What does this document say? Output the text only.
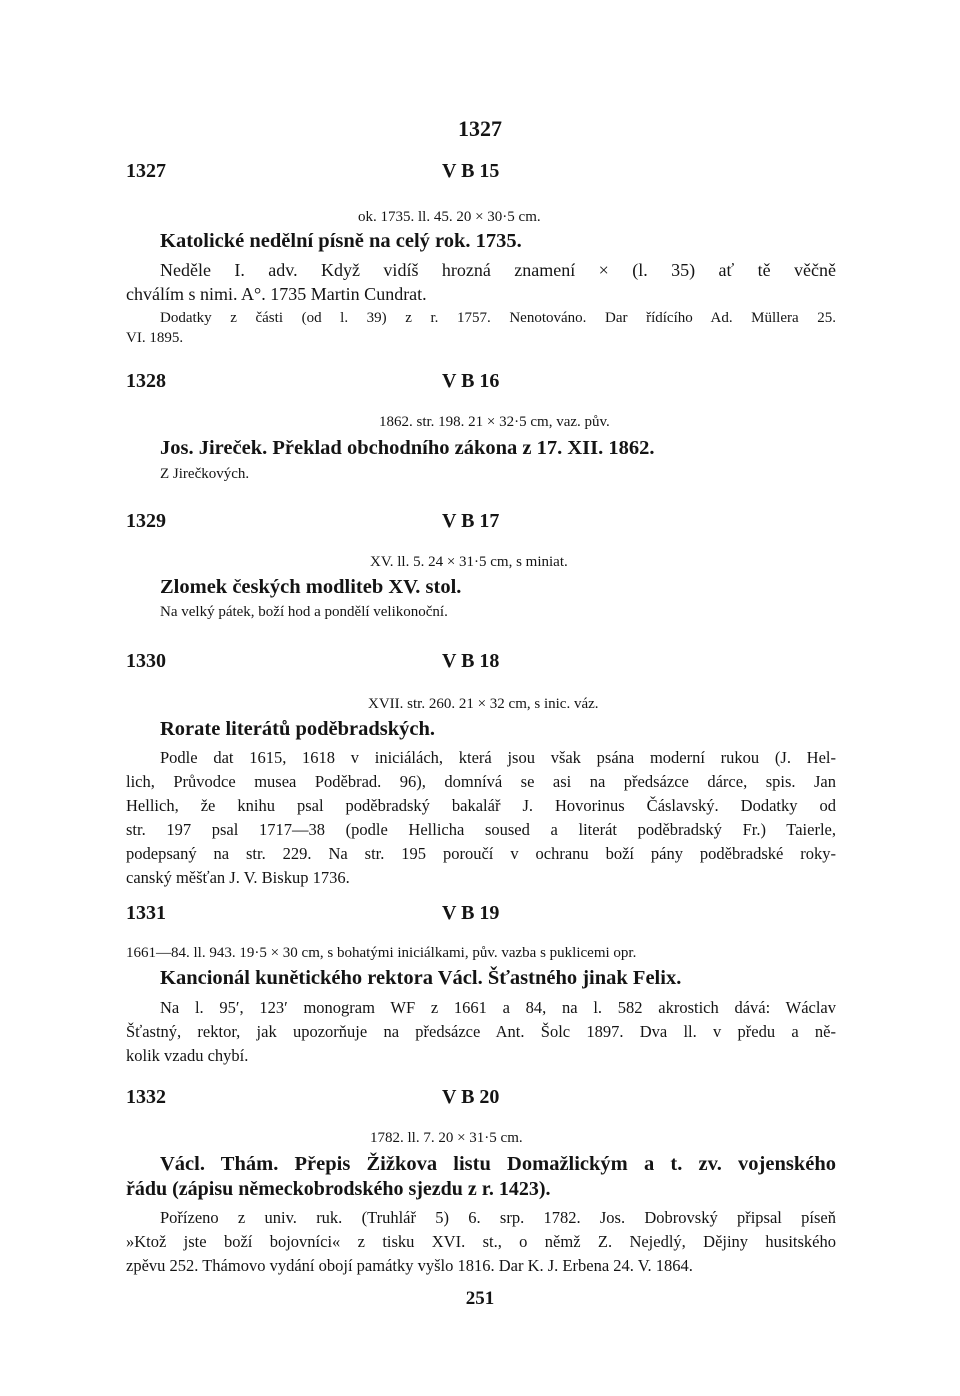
1327
1327	V B 15
ok. 1735. ll. 45. 20 × 30·5 cm.
Katolické nedělní písně na celý rok. 1735.
Neděle I. adv. Když vidíš hrozná znamení × (l. 35) ať tě věčně
chválím s nimi. A°. 1735 Martin Cundrat.
Dodatky z části (od l. 39) z r. 1757. Nenotováno. Dar řídícího Ad. Müllera 25.
VI. 1895.
1328	V B 16
1862. str. 198. 21 × 32·5 cm, vaz. pův.
Jos. Jireček. Překlad obchodního zákona z 17. XII. 1862.
Z Jirečkových.
1329	V B 17
XV. ll. 5. 24 × 31·5 cm, s miniat.
Zlomek českých modliteb XV. stol.
Na velký pátek, boží hod a pondělí velikonoční.
1330	V B 18
XVII. str. 260. 21 × 32 cm, s inic. váz.
Rorate literátů poděbradských.
Podle dat 1615, 1618 v iniciálách, která jsou však psána moderní rukou (J. Hel-
lich, Průvodce musea Poděbrad. 96), domnívá se asi na předsázce dárce, spis. Jan
Hellich, že knihu psal poděbradský bakalář J. Hovorinus Čáslavský. Dodatky od
str. 197 psal 1717—38 (podle Hellicha soused a literát poděbradský Fr.) Taierle,
podepsaný na str. 229. Na str. 195 poroučí v ochranu boží pány poděbradské roky-
canský měšťan J. V. Biskup 1736.
1331	V B 19
1661—84. ll. 943. 19·5 × 30 cm, s bohatými iniciálkami, pův. vazba s puklicemi opr.
Kancionál kunětického rektora Václ. Šťastného jinak Felix.
Na l. 95′, 123′ monogram WF z 1661 a 84, na l. 582 akrostich dává: Wáclav
Šťastný, rektor, jak upozorňuje na předsázce Ant. Šolc 1897. Dva ll. v předu a ně-
kolik vzadu chybí.
1332	V B 20
1782. ll. 7. 20 × 31·5 cm.
Václ. Thám. Přepis Žižkova listu Domažlickým a t. zv. vojenského
řádu (zápisu německobrodského sjezdu z r. 1423).
Pořízeno z univ. ruk. (Truhlář 5) 6. srp. 1782. Jos. Dobrovský připsal píseň
»Ktož jste boží bojovníci« z tisku XVI. st., o němž Z. Nejedlý, Dějiny husitského
zpěvu 252. Thámovo vydání obojí památky vyšlo 1816. Dar K. J. Erbena 24. V. 1864.
251
